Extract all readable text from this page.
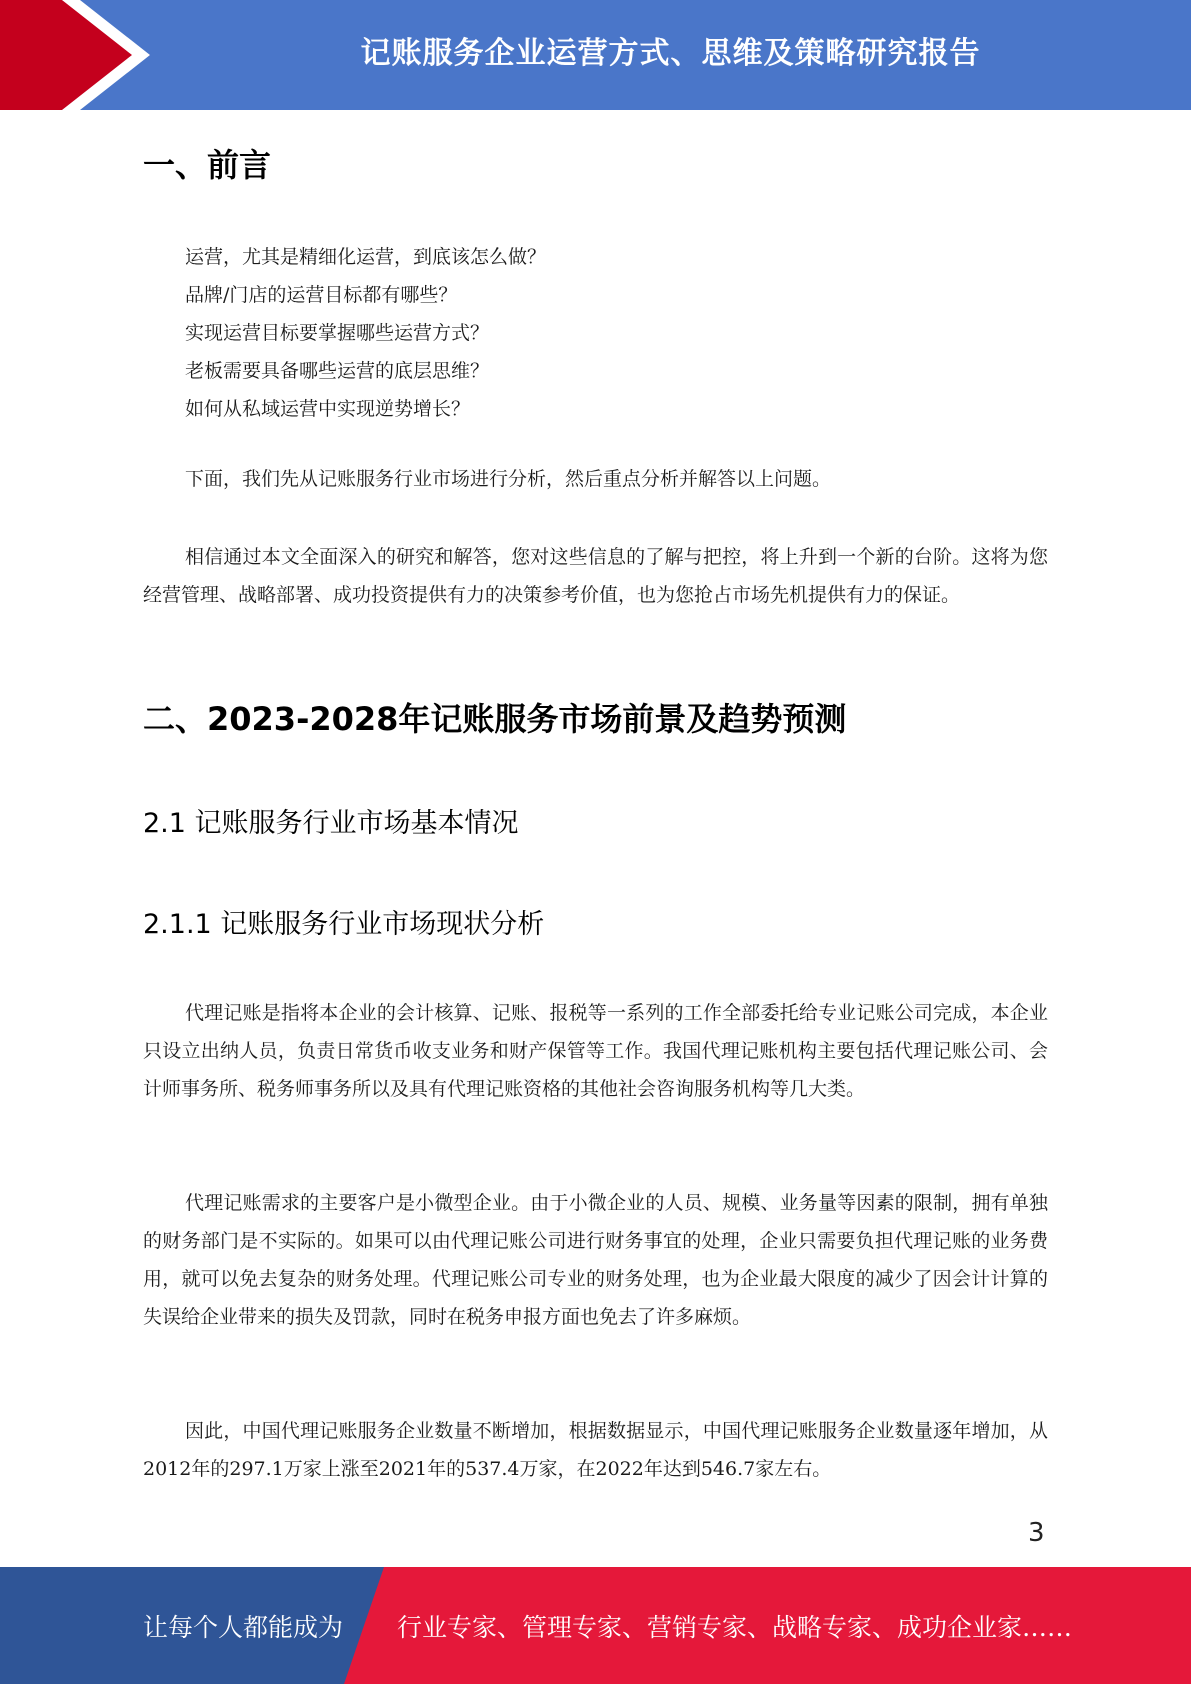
记账服务企业运营方式、思维及策略研究报告
一、前言
运营，尤其是精细化运营，到底该怎么做？
品牌/门店的运营目标都有哪些？
实现运营目标要掌握哪些运营方式？
老板需要具备哪些运营的底层思维？
如何从私域运营中实现逆势增长？
下面，我们先从记账服务行业市场进行分析，然后重点分析并解答以上问题。
相信通过本文全面深入的研究和解答，您对这些信息的了解与把控，将上升到一个新的台阶。这将为您经营管理、战略部署、成功投资提供有力的决策参考价值，也为您抢占市场先机提供有力的保证。
二、2023-2028年记账服务市场前景及趋势预测
2.1 记账服务行业市场基本情况
2.1.1 记账服务行业市场现状分析
代理记账是指将本企业的会计核算、记账、报税等一系列的工作全部委托给专业记账公司完成，本企业只设立出纳人员，负责日常货币收支业务和财产保管等工作。我国代理记账机构主要包括代理记账公司、会计师事务所、税务师事务所以及具有代理记账资格的其他社会咨询服务机构等几大类。
代理记账需求的主要客户是小微型企业。由于小微企业的人员、规模、业务量等因素的限制，拥有单独的财务部门是不实际的。如果可以由代理记账公司进行财务事宜的处理，企业只需要负担代理记账的业务费用，就可以免去复杂的财务处理。代理记账公司专业的财务处理，也为企业最大限度的减少了因会计计算的失误给企业带来的损失及罚款，同时在税务申报方面也免去了许多麻烦。
因此，中国代理记账服务企业数量不断增加，根据数据显示，中国代理记账服务企业数量逐年增加，从2012年的297.1万家上涨至2021年的537.4万家，在2022年达到546.7家左右。
3
让每个人都能成为 行业专家、管理专家、营销专家、战略专家、成功企业家……
